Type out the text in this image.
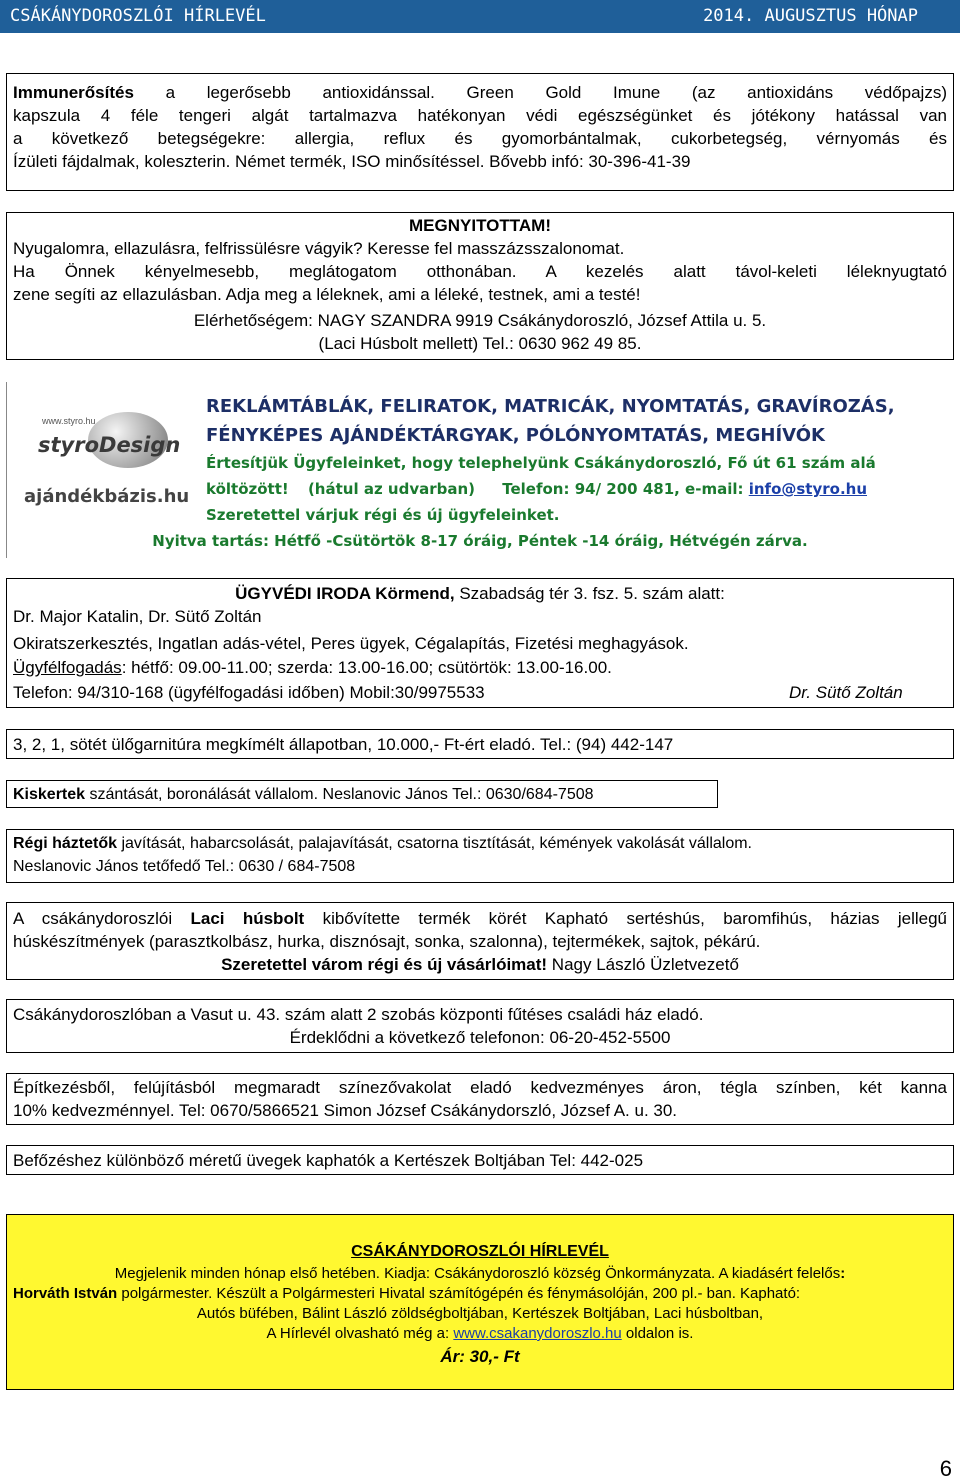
CSÁKÁNYDOROSZLÓI HÍRLEVÉL	2014. AUGUSZTUS HÓNAP
Immunerősítés a legerősebb antioxidánssal. Green Gold Imune (az antioxidáns védőpajzs)
kapszula 4 féle tengeri algát tartalmazva hatékonyan védi egészségünket és jótékony hatással van
a következő betegségekre: allergia, reflux és gyomorbántalmak, cukorbetegség, vérnyomás és
Ízületi fájdalmak, koleszterin. Német termék, ISO minősítéssel. Bővebb infó: 30-396-41-39
MEGNYITOTTAM!
Nyugalomra, ellazulásra, felfrissülésre vágyik? Keresse fel masszázsszalonomat.
Ha Önnek kényelmesebb, meglátogatom otthonában. A kezelés alatt távol-keleti léleknyugtató
zene segíti az ellazulásban. Adja meg a léleknek, ami a léleké, testnek, ami a testé!
Elérhetőségem: NAGY SZANDRA 9919 Csákánydoroszló, József Attila u. 5.
(Laci Húsbolt mellett) Tel.: 0630 962 49 85.
www.styro.hu
styroDesign
ajándékbázis.hu
REKLÁMTÁBLÁK, FELIRATOK, MATRICÁK, NYOMTATÁS, GRAVÍROZÁS,
FÉNYKÉPES AJÁNDÉKTÁRGYAK, PÓLÓNYOMTATÁS, MEGHÍVÓK
Értesítjük Ügyfeleinket, hogy telephelyünk Csákánydoroszló, Fő út 61 szám alá
költözött! (hátul az udvarban) Telefon: 94/ 200 481, e-mail: info@styro.hu
Szeretettel várjuk régi és új ügyfeleinket.
Nyitva tartás: Hétfő -Csütörtök 8-17 óráig, Péntek -14 óráig, Hétvégén zárva.
ÜGYVÉDI IRODA Körmend, Szabadság tér 3. fsz. 5. szám alatt:
Dr. Major Katalin, Dr. Sütő Zoltán
Okiratszerkesztés, Ingatlan adás-vétel, Peres ügyek, Cégalapítás, Fizetési meghagyások.
Ügyfélfogadás: hétfő: 09.00-11.00; szerda: 13.00-16.00; csütörtök: 13.00-16.00.
Telefon: 94/310-168 (ügyfélfogadási időben) Mobil:30/9975533	Dr. Sütő Zoltán
3, 2, 1, sötét ülőgarnitúra megkímélt állapotban, 10.000,- Ft-ért eladó. Tel.: (94) 442-147
Kiskertek szántását, boronálását vállalom. Neslanovic János Tel.: 0630/684-7508
Régi háztetők javítását, habarcsolását, palajavítását, csatorna tisztítását, kémények vakolását vállalom.
Neslanovic János tetőfedő Tel.: 0630 / 684-7508
A csákánydoroszlói Laci húsbolt kibővítette termék körét Kapható sertéshús, baromfihús, házias jellegű
húskészítmények (parasztkolbász, hurka, disznósajt, sonka, szalonna), tejtermékek, sajtok, pékárú.
Szeretettel várom régi és új vásárlóimat! Nagy László Üzletvezető
Csákánydoroszlóban a Vasut u. 43. szám alatt 2 szobás központi fűtéses családi ház eladó.
Érdeklődni a következő telefonon: 06-20-452-5500
Építkezésből, felújításból megmaradt színezővakolat eladó kedvezményes áron, tégla színben, két kanna
10% kedvezménnyel. Tel: 0670/5866521 Simon József Csákánydorszló, József A. u. 30.
Befőzéshez különböző méretű üvegek kaphatók a Kertészek Boltjában Tel: 442-025
CSÁKÁNYDOROSZLÓI HÍRLEVÉL
Megjelenik minden hónap első hetében. Kiadja: Csákánydoroszló község Önkormányzata. A kiadásért felelős:
Horváth István polgármester. Készült a Polgármesteri Hivatal számítógépén és fénymásolóján, 200 pl.- ban. Kapható:
Autós büfében, Bálint László zöldségboltjában, Kertészek Boltjában, Laci húsboltban,
A Hírlevél olvasható még a: www.csakanydoroszlo.hu oldalon is.
Ár: 30,- Ft
6
